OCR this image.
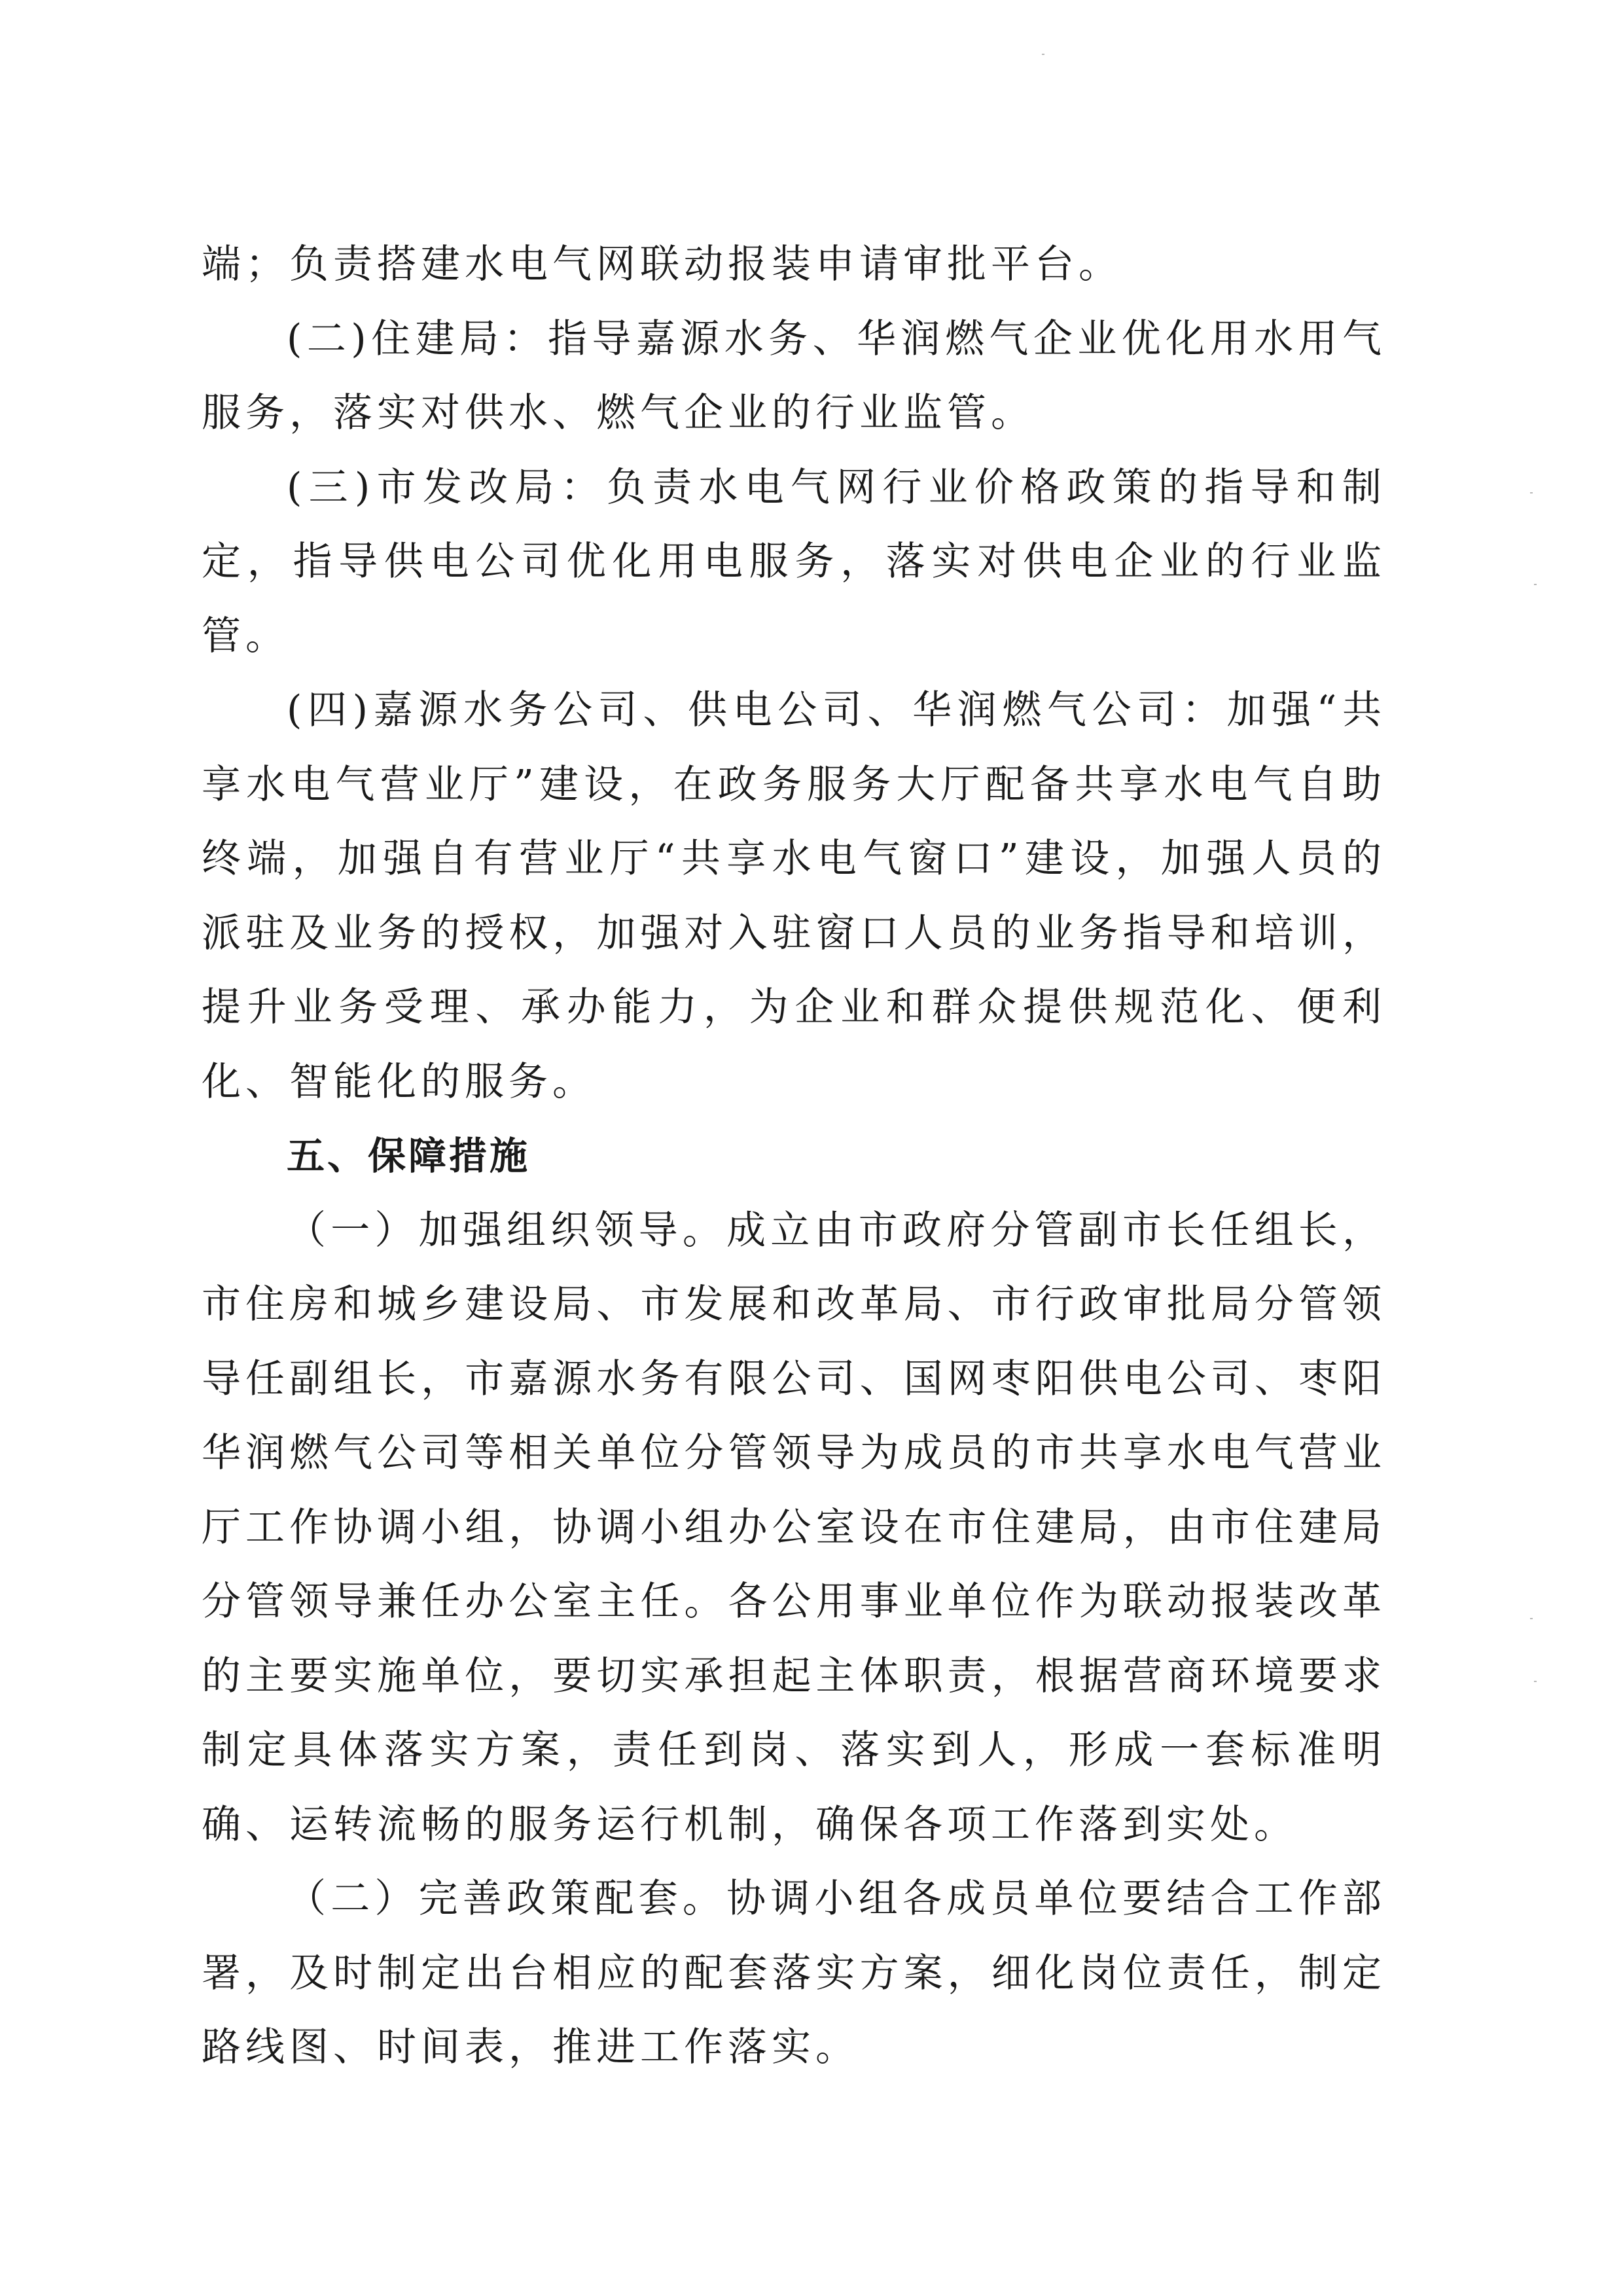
端；负责搭建水电气网联动报装申请审批平台。

(二)住建局：指导嘉源水务、华润燃气企业优化用水用气服务，落实对供水、燃气企业的行业监管。

(三)市发改局：负责水电气网行业价格政策的指导和制定，指导供电公司优化用电服务，落实对供电企业的行业监管。

(四)嘉源水务公司、供电公司、华润燃气公司：加强“共享水电气营业厅”建设，在政务服务大厅配备共享水电气自助终端，加强自有营业厅“共享水电气窗口”建设，加强人员的派驻及业务的授权，加强对入驻窗口人员的业务指导和培训，提升业务受理、承办能力，为企业和群众提供规范化、便利化、智能化的服务。

五、保障措施

（一）加强组织领导。成立由市政府分管副市长任组长，市住房和城乡建设局、市发展和改革局、市行政审批局分管领导任副组长，市嘉源水务有限公司、国网枣阳供电公司、枣阳华润燃气公司等相关单位分管领导为成员的市共享水电气营业厅工作协调小组，协调小组办公室设在市住建局，由市住建局分管领导兼任办公室主任。各公用事业单位作为联动报装改革的主要实施单位，要切实承担起主体职责，根据营商环境要求制定具体落实方案，责任到岗、落实到人，形成一套标准明确、运转流畅的服务运行机制，确保各项工作落到实处。

（二）完善政策配套。协调小组各成员单位要结合工作部署，及时制定出台相应的配套落实方案，细化岗位责任，制定路线图、时间表，推进工作落实。
